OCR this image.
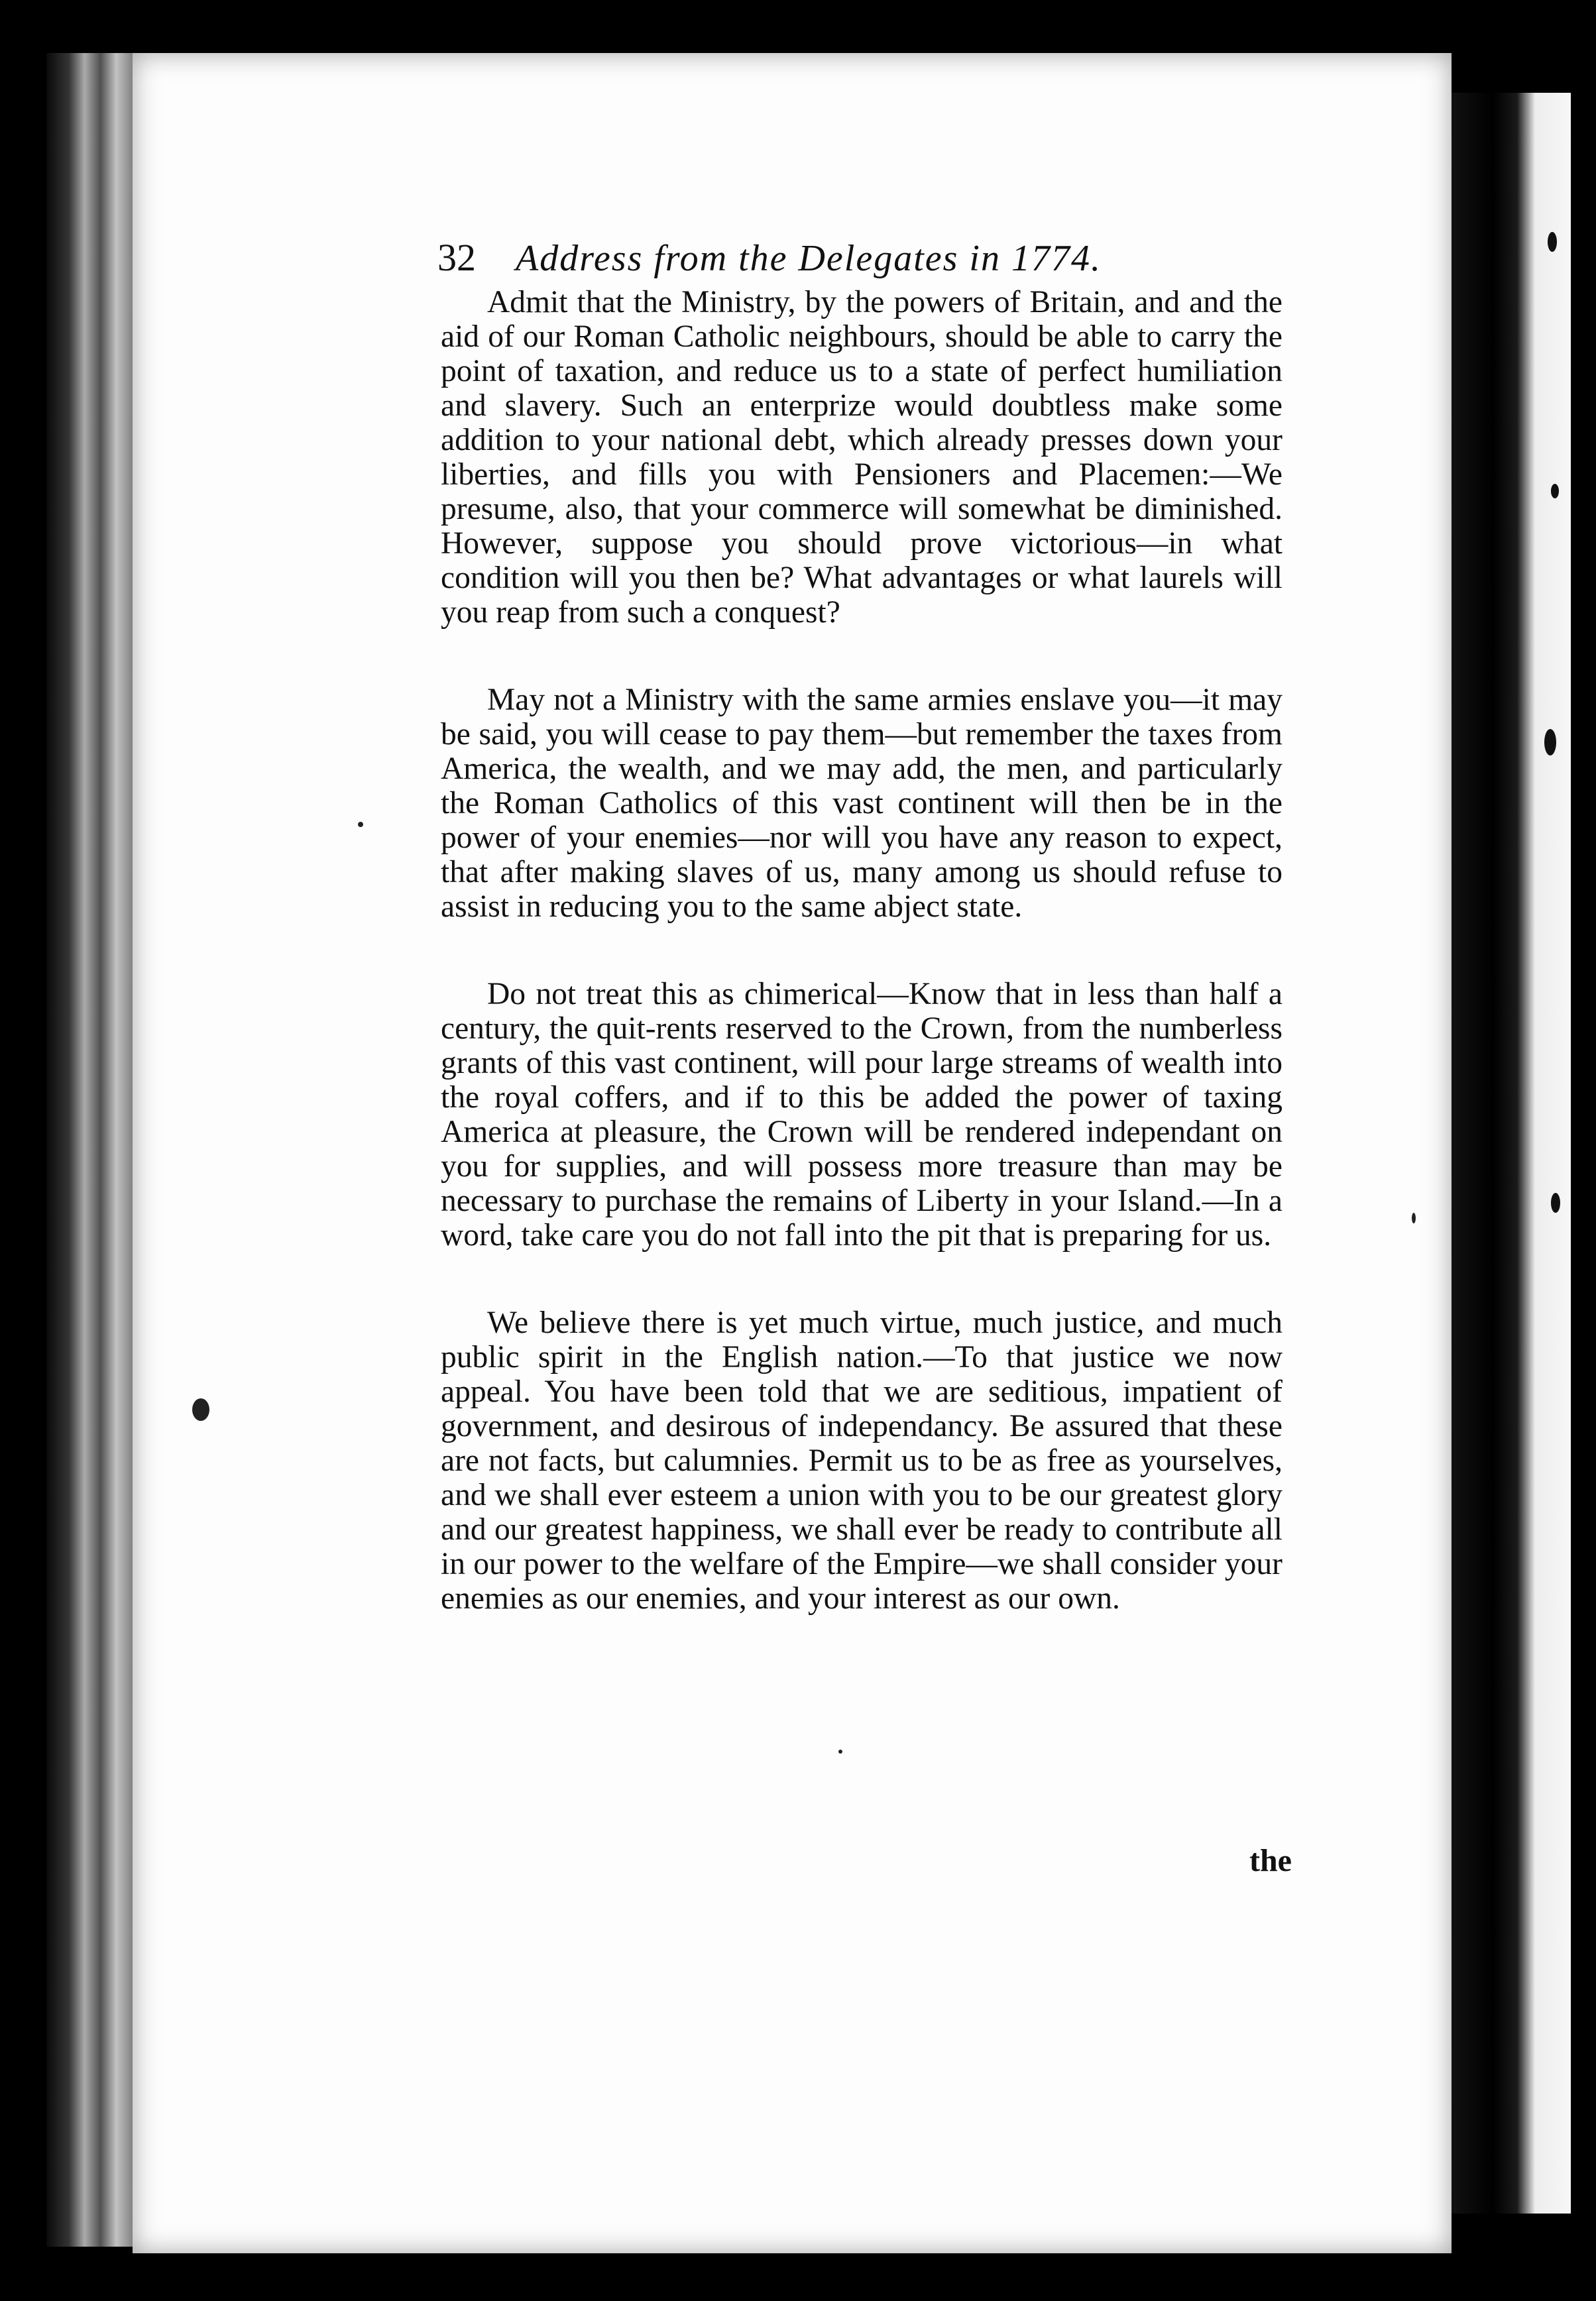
32 Address from the Delegates in 1774.

Admit that the Ministry, by the powers of Britain, and and the aid of our Roman Catholic neighbours, should be able to carry the point of taxation, and reduce us to a state of perfect humiliation and slavery. Such an enterprize would doubtless make some addition to your national debt, which already presses down your liberties, and fills you with Pensioners and Placemen:—We presume, also, that your commerce will somewhat be diminished. However, suppose you should prove victorious—in what condition will you then be? What advantages or what laurels will you reap from such a conquest?

May not a Ministry with the same armies enslave you—it may be said, you will cease to pay them—but remember the taxes from America, the wealth, and we may add, the men, and particularly the Roman Catholics of this vast continent will then be in the power of your enemies—nor will you have any reason to expect, that after making slaves of us, many among us should refuse to assist in reducing you to the same abject state.

Do not treat this as chimerical—Know that in less than half a century, the quit-rents reserved to the Crown, from the numberless grants of this vast continent, will pour large streams of wealth into the royal coffers, and if to this be added the power of taxing America at pleasure, the Crown will be rendered independant on you for supplies, and will possess more treasure than may be necessary to purchase the remains of Liberty in your Island.—In a word, take care you do not fall into the pit that is preparing for us.

We believe there is yet much virtue, much justice, and much public spirit in the English nation.—To that justice we now appeal. You have been told that we are seditious, impatient of government, and desirous of independancy. Be assured that these are not facts, but calumnies. Permit us to be as free as yourselves, and we shall ever esteem a union with you to be our greatest glory and our greatest happiness, we shall ever be ready to contribute all in our power to the welfare of the Empire—we shall consider your enemies as our enemies, and your interest as our own.

the
